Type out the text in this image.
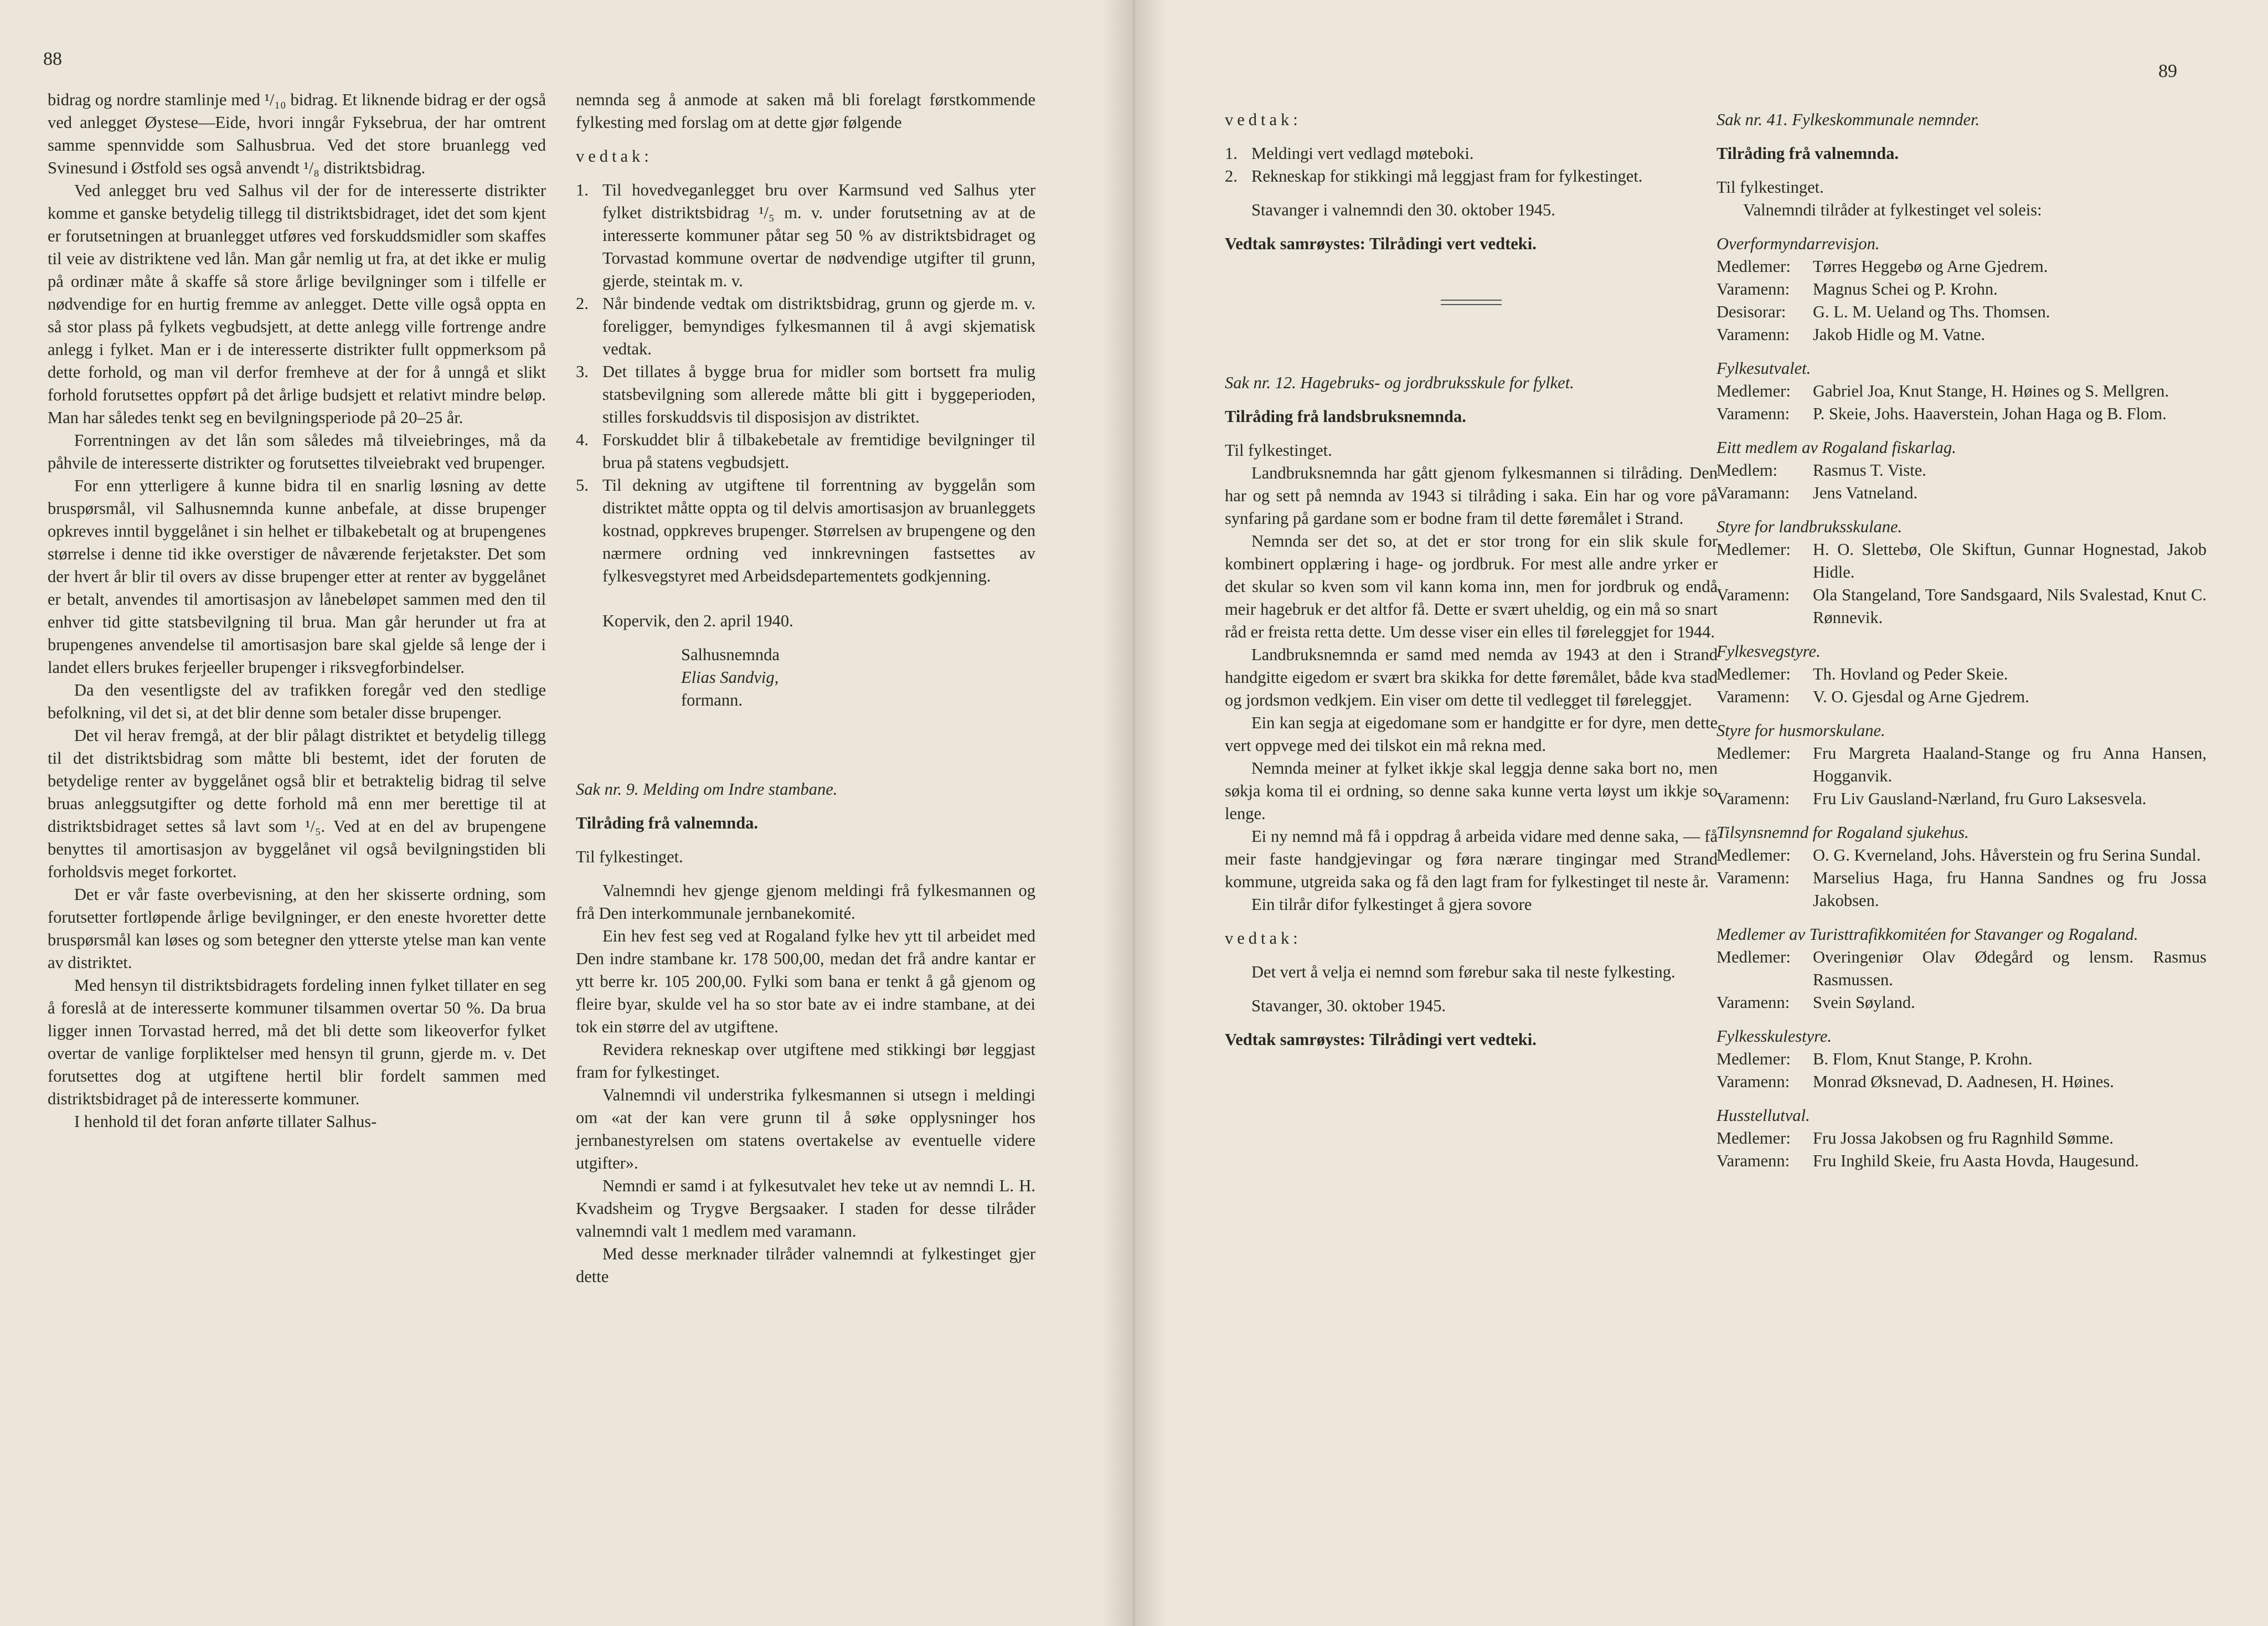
88

bidrag og nordre stamlinje med ¹/₁₀ bidrag. Et liknende bidrag er der også ved anlegget Øystese—Eide, hvori inngår Fyksebrua, der har omtrent samme spennvidde som Salhusbrua. Ved det store bruanlegg ved Svinesund i Østfold ses også anvendt ¹/₈ distriktsbidrag.

Ved anlegget bru ved Salhus vil der for de interesserte distrikter komme et ganske betydelig tillegg til distriktsbidraget, idet det som kjent er forutsetningen at bruanlegget utføres ved forskuddsmidler som skaffes til veie av distriktene ved lån. Man går nemlig ut fra, at det ikke er mulig på ordinær måte å skaffe så store årlige bevilgninger som i tilfelle er nødvendige for en hurtig fremme av anlegget. Dette ville også oppta en så stor plass på fylkets vegbudsjett, at dette anlegg ville fortrenge andre anlegg i fylket. Man er i de interesserte distrikter fullt oppmerksom på dette forhold, og man vil derfor fremheve at der for å unngå et slikt forhold forutsettes oppført på det årlige budsjett et relativt mindre beløp. Man har således tenkt seg en bevilgningsperiode på 20–25 år.

Forrentningen av det lån som således må tilveiebringes, må da påhvile de interesserte distrikter og forutsettes tilveiebrakt ved brupenger.

For enn ytterligere å kunne bidra til en snarlig løsning av dette bruspørsmål, vil Salhusnemnda kunne anbefale, at disse brupenger opkreves inntil byggelånet i sin helhet er tilbakebetalt og at brupengenes størrelse i denne tid ikke overstiger de nåværende ferjetakster. Det som der hvert år blir til overs av disse brupenger etter at renter av byggelånet er betalt, anvendes til amortisasjon av lånebeløpet sammen med den til enhver tid gitte statsbevilgning til brua. Man går herunder ut fra at brupengenes anvendelse til amortisasjon bare skal gjelde så lenge der i landet ellers brukes ferjeeller brupenger i riksvegforbindelser.

Da den vesentligste del av trafikken foregår ved den stedlige befolkning, vil det si, at det blir denne som betaler disse brupenger.

Det vil herav fremgå, at der blir pålagt distriktet et betydelig tillegg til det distriktsbidrag som måtte bli bestemt, idet der foruten de betydelige renter av byggelånet også blir et betraktelig bidrag til selve bruas anleggsutgifter og dette forhold må enn mer berettige til at distriktsbidraget settes så lavt som ¹/₅. Ved at en del av brupengene benyttes til amortisasjon av byggelånet vil også bevilgningstiden bli forholdsvis meget forkortet.

Det er vår faste overbevisning, at den her skisserte ordning, som forutsetter fortløpende årlige bevilgninger, er den eneste hvoretter dette bruspørsmål kan løses og som betegner den ytterste ytelse man kan vente av distriktet.

Med hensyn til distriktsbidragets fordeling innen fylket tillater en seg å foreslå at de interesserte kommuner tilsammen overtar 50 %. Da brua ligger innen Torvastad herred, må det bli dette som likeoverfor fylket overtar de vanlige forpliktelser med hensyn til grunn, gjerde m. v. Det forutsettes dog at utgiftene hertil blir fordelt sammen med distriktsbidraget på de interesserte kommuner.

I henhold til det foran anførte tillater Salhus-

nemnda seg å anmode at saken må bli forelagt førstkommende fylkesting med forslag om at dette gjør følgende

vedtak:

1. Til hovedveganlegget bru over Karmsund ved Salhus yter fylket distriktsbidrag ¹/₅ m. v. under forutsetning av at de interesserte kommuner påtar seg 50 % av distriktsbidraget og Torvastad kommune overtar de nødvendige utgifter til grunn, gjerde, steintak m. v.
2. Når bindende vedtak om distriktsbidrag, grunn og gjerde m. v. foreligger, bemyndiges fylkesmannen til å avgi skjematisk vedtak.
3. Det tillates å bygge brua for midler som bortsett fra mulig statsbevilgning som allerede måtte bli gitt i byggeperioden, stilles forskuddsvis til disposisjon av distriktet.
4. Forskuddet blir å tilbakebetale av fremtidige bevilgninger til brua på statens vegbudsjett.
5. Til dekning av utgiftene til forrentning av byggelån som distriktet måtte oppta og til delvis amortisasjon av bruanleggets kostnad, oppkreves brupenger. Størrelsen av brupengene og den nærmere ordning ved innkrevningen fastsettes av fylkesvegstyret med Arbeidsdepartementets godkjenning.

Kopervik, den 2. april 1940.

Salhusnemnda

Elias Sandvig,

formann.

Sak nr. 9. Melding om Indre stambane.

Tilråding frå valnemnda.

Til fylkestinget.

Valnemndi hev gjenge gjenom meldingi frå fylkesmannen og frå Den interkommunale jernbanekomité.

Ein hev fest seg ved at Rogaland fylke hev ytt til arbeidet med Den indre stambane kr. 178 500,00, medan det frå andre kantar er ytt berre kr. 105 200,00. Fylki som bana er tenkt å gå gjenom og fleire byar, skulde vel ha so stor bate av ei indre stambane, at dei tok ein større del av utgiftene.

Revidera rekneskap over utgiftene med stikkingi bør leggjast fram for fylkestinget.

Valnemndi vil understrika fylkesmannen si utsegn i meldingi om «at der kan vere grunn til å søke opplysninger hos jernbanestyrelsen om statens overtakelse av eventuelle videre utgifter».

Nemndi er samd i at fylkesutvalet hev teke ut av nemndi L. H. Kvadsheim og Trygve Bergsaaker. I staden for desse tilråder valnemndi valt 1 medlem med varamann.

Med desse merknader tilråder valnemndi at fylkestinget gjer dette

89

vedtak:

1. Meldingi vert vedlagd møteboki.
2. Rekneskap for stikkingi må leggjast fram for fylkestinget.

Stavanger i valnemndi den 30. oktober 1945.

Vedtak samrøystes: Tilrådingi vert vedteki.

Sak nr. 12. Hagebruks- og jordbruksskule for fylket.

Tilråding frå landsbruksnemnda.

Til fylkestinget.

Landbruksnemnda har gått gjenom fylkesmannen si tilråding. Den har og sett på nemnda av 1943 si tilråding i saka. Ein har og vore på synfaring på gardane som er bodne fram til dette føremålet i Strand.

Nemnda ser det so, at det er stor trong for ein slik skule for kombinert opplæring i hage- og jordbruk. For mest alle andre yrker er det skular so kven som vil kann koma inn, men for jordbruk og endå meir hagebruk er det altfor få. Dette er svært uheldig, og ein må so snart råd er freista retta dette. Um desse viser ein elles til føreleggjet for 1944.

Landbruksnemnda er samd med nemda av 1943 at den i Strand handgitte eigedom er svært bra skikka for dette føremålet, både kva stad og jordsmon vedkjem. Ein viser om dette til vedlegget til føreleggjet.

Ein kan segja at eigedomane som er handgitte er for dyre, men dette vert oppvege med dei tilskot ein må rekna med.

Nemnda meiner at fylket ikkje skal leggja denne saka bort no, men søkja koma til ei ordning, so denne saka kunne verta løyst um ikkje so lenge.

Ei ny nemnd må få i oppdrag å arbeida vidare med denne saka, — få meir faste handgjevingar og føra nærare tingingar med Strand kommune, utgreida saka og få den lagt fram for fylkestinget til neste år.

Ein tilrår difor fylkestinget å gjera sovore

vedtak:

Det vert å velja ei nemnd som førebur saka til neste fylkesting.

Stavanger, 30. oktober 1945.

Vedtak samrøystes: Tilrådingi vert vedteki.

Sak nr. 41. Fylkeskommunale nemnder.

Tilråding frå valnemnda.

Til fylkestinget.

Valnemndi tilråder at fylkestinget vel soleis:

Overformyndarrevisjon.

Medlemer:	Tørres Heggebø og Arne Gjedrem.
Varamenn:	Magnus Schei og P. Krohn.
Desisorar:	G. L. M. Ueland og Ths. Thomsen.
Varamenn:	Jakob Hidle og M. Vatne.

Fylkesutvalet.

Medlemer:	Gabriel Joa, Knut Stange, H. Høines og S. Mellgren.
Varamenn:	P. Skeie, Johs. Haaverstein, Johan Haga og B. Flom.

Eitt medlem av Rogaland fiskarlag.

Medlem:	Rasmus T. Viste.
Varamann:	Jens Vatneland.

Styre for landbruksskulane.

Medlemer:	H. O. Slettebø, Ole Skiftun, Gunnar Hognestad, Jakob Hidle.
Varamenn:	Ola Stangeland, Tore Sandsgaard, Nils Svalestad, Knut C. Rønnevik.

Fylkesvegstyre.

Medlemer:	Th. Hovland og Peder Skeie.
Varamenn:	V. O. Gjesdal og Arne Gjedrem.

Styre for husmorskulane.

Medlemer:	Fru Margreta Haaland-Stange og fru Anna Hansen, Hogganvik.
Varamenn:	Fru Liv Gausland-Nærland, fru Guro Laksesvela.

Tilsynsnemnd for Rogaland sjukehus.

Medlemer:	O. G. Kverneland, Johs. Håverstein og fru Serina Sundal.
Varamenn:	Marselius Haga, fru Hanna Sandnes og fru Jossa Jakobsen.

Medlemer av Turisttrafikkomitéen for Stavanger og Rogaland.

Medlemer:	Overingeniør Olav Ødegård og lensm. Rasmus Rasmussen.
Varamenn:	Svein Søyland.

Fylkesskulestyre.

Medlemer:	B. Flom, Knut Stange, P. Krohn.
Varamenn:	Monrad Øksnevad, D. Aadnesen, H. Høines.

Husstellutval.

Medlemer:	Fru Jossa Jakobsen og fru Ragnhild Sømme.
Varamenn:	Fru Inghild Skeie, fru Aasta Hovda, Haugesund.
